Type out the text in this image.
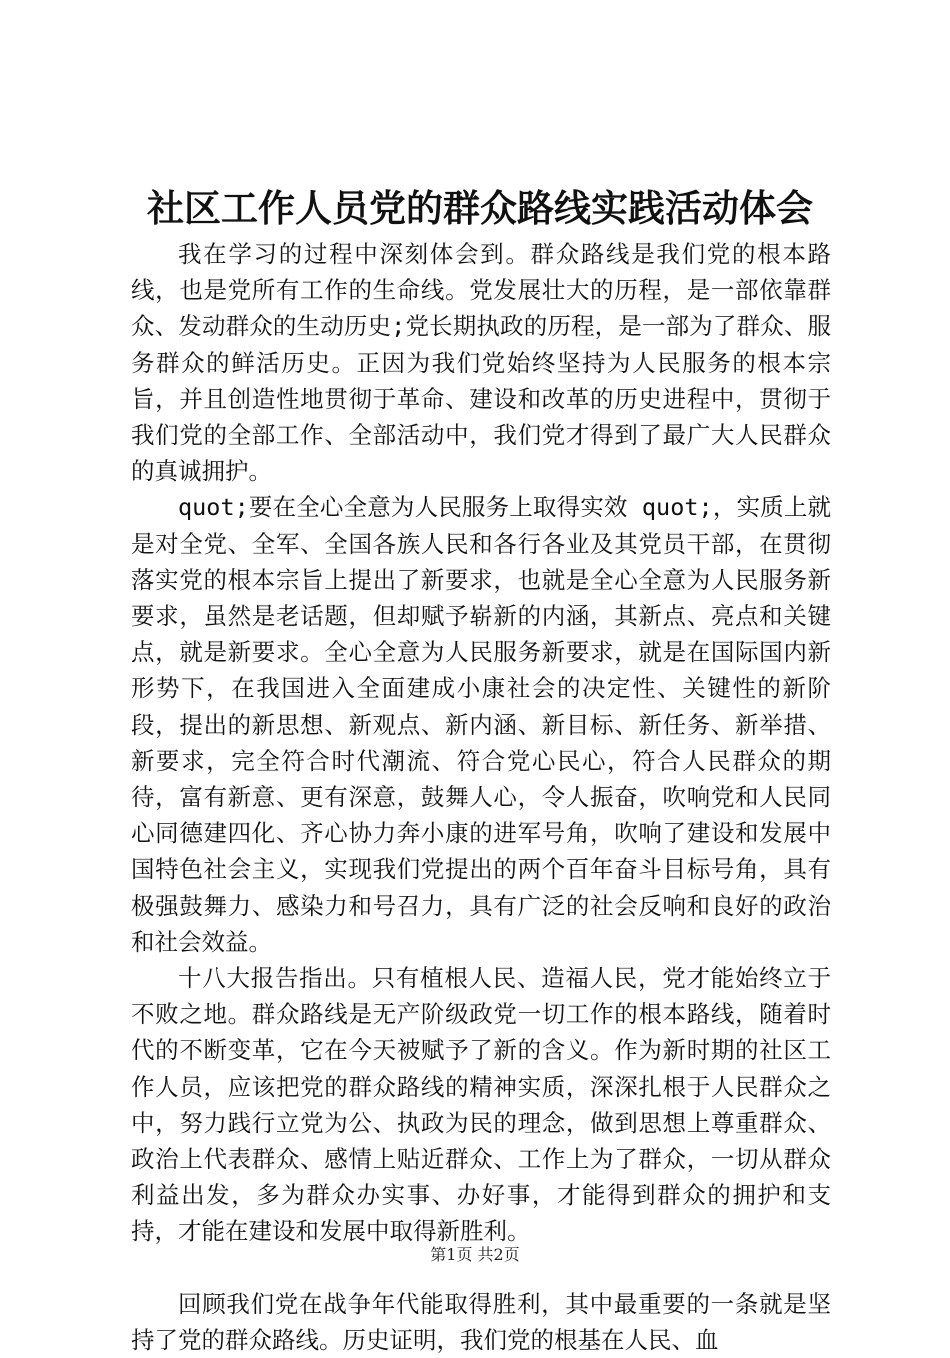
社区工作人员党的群众路线实践活动体会

我在学习的过程中深刻体会到。群众路线是我们党的根本路线，也是党所有工作的生命线。党发展壮大的历程，是一部依靠群众、发动群众的生动历史;党长期执政的历程，是一部为了群众、服务群众的鲜活历史。正因为我们党始终坚持为人民服务的根本宗旨，并且创造性地贯彻于革命、建设和改革的历史进程中，贯彻于我们党的全部工作、全部活动中，我们党才得到了最广大人民群众的真诚拥护。

quot;要在全心全意为人民服务上取得实效 quot;，实质上就是对全党、全军、全国各族人民和各行各业及其党员干部，在贯彻落实党的根本宗旨上提出了新要求，也就是全心全意为人民服务新要求，虽然是老话题，但却赋予崭新的内涵，其新点、亮点和关键点，就是新要求。全心全意为人民服务新要求，就是在国际国内新形势下，在我国进入全面建成小康社会的决定性、关键性的新阶段，提出的新思想、新观点、新内涵、新目标、新任务、新举措、新要求，完全符合时代潮流、符合党心民心，符合人民群众的期待，富有新意、更有深意，鼓舞人心，令人振奋，吹响党和人民同心同德建四化、齐心协力奔小康的进军号角，吹响了建设和发展中国特色社会主义，实现我们党提出的两个百年奋斗目标号角，具有极强鼓舞力、感染力和号召力，具有广泛的社会反响和良好的政治和社会效益。

十八大报告指出。只有植根人民、造福人民，党才能始终立于不败之地。群众路线是无产阶级政党一切工作的根本路线，随着时代的不断变革，它在今天被赋予了新的含义。作为新时期的社区工作人员，应该把党的群众路线的精神实质，深深扎根于人民群众之中，努力践行立党为公、执政为民的理念，做到思想上尊重群众、政治上代表群众、感情上贴近群众、工作上为了群众，一切从群众利益出发，多为群众办实事、办好事，才能得到群众的拥护和支持，才能在建设和发展中取得新胜利。

回顾我们党在战争年代能取得胜利，其中最重要的一条就是坚持了党的群众路线。历史证明，我们党的根基在人民、血

第1页 共2页
